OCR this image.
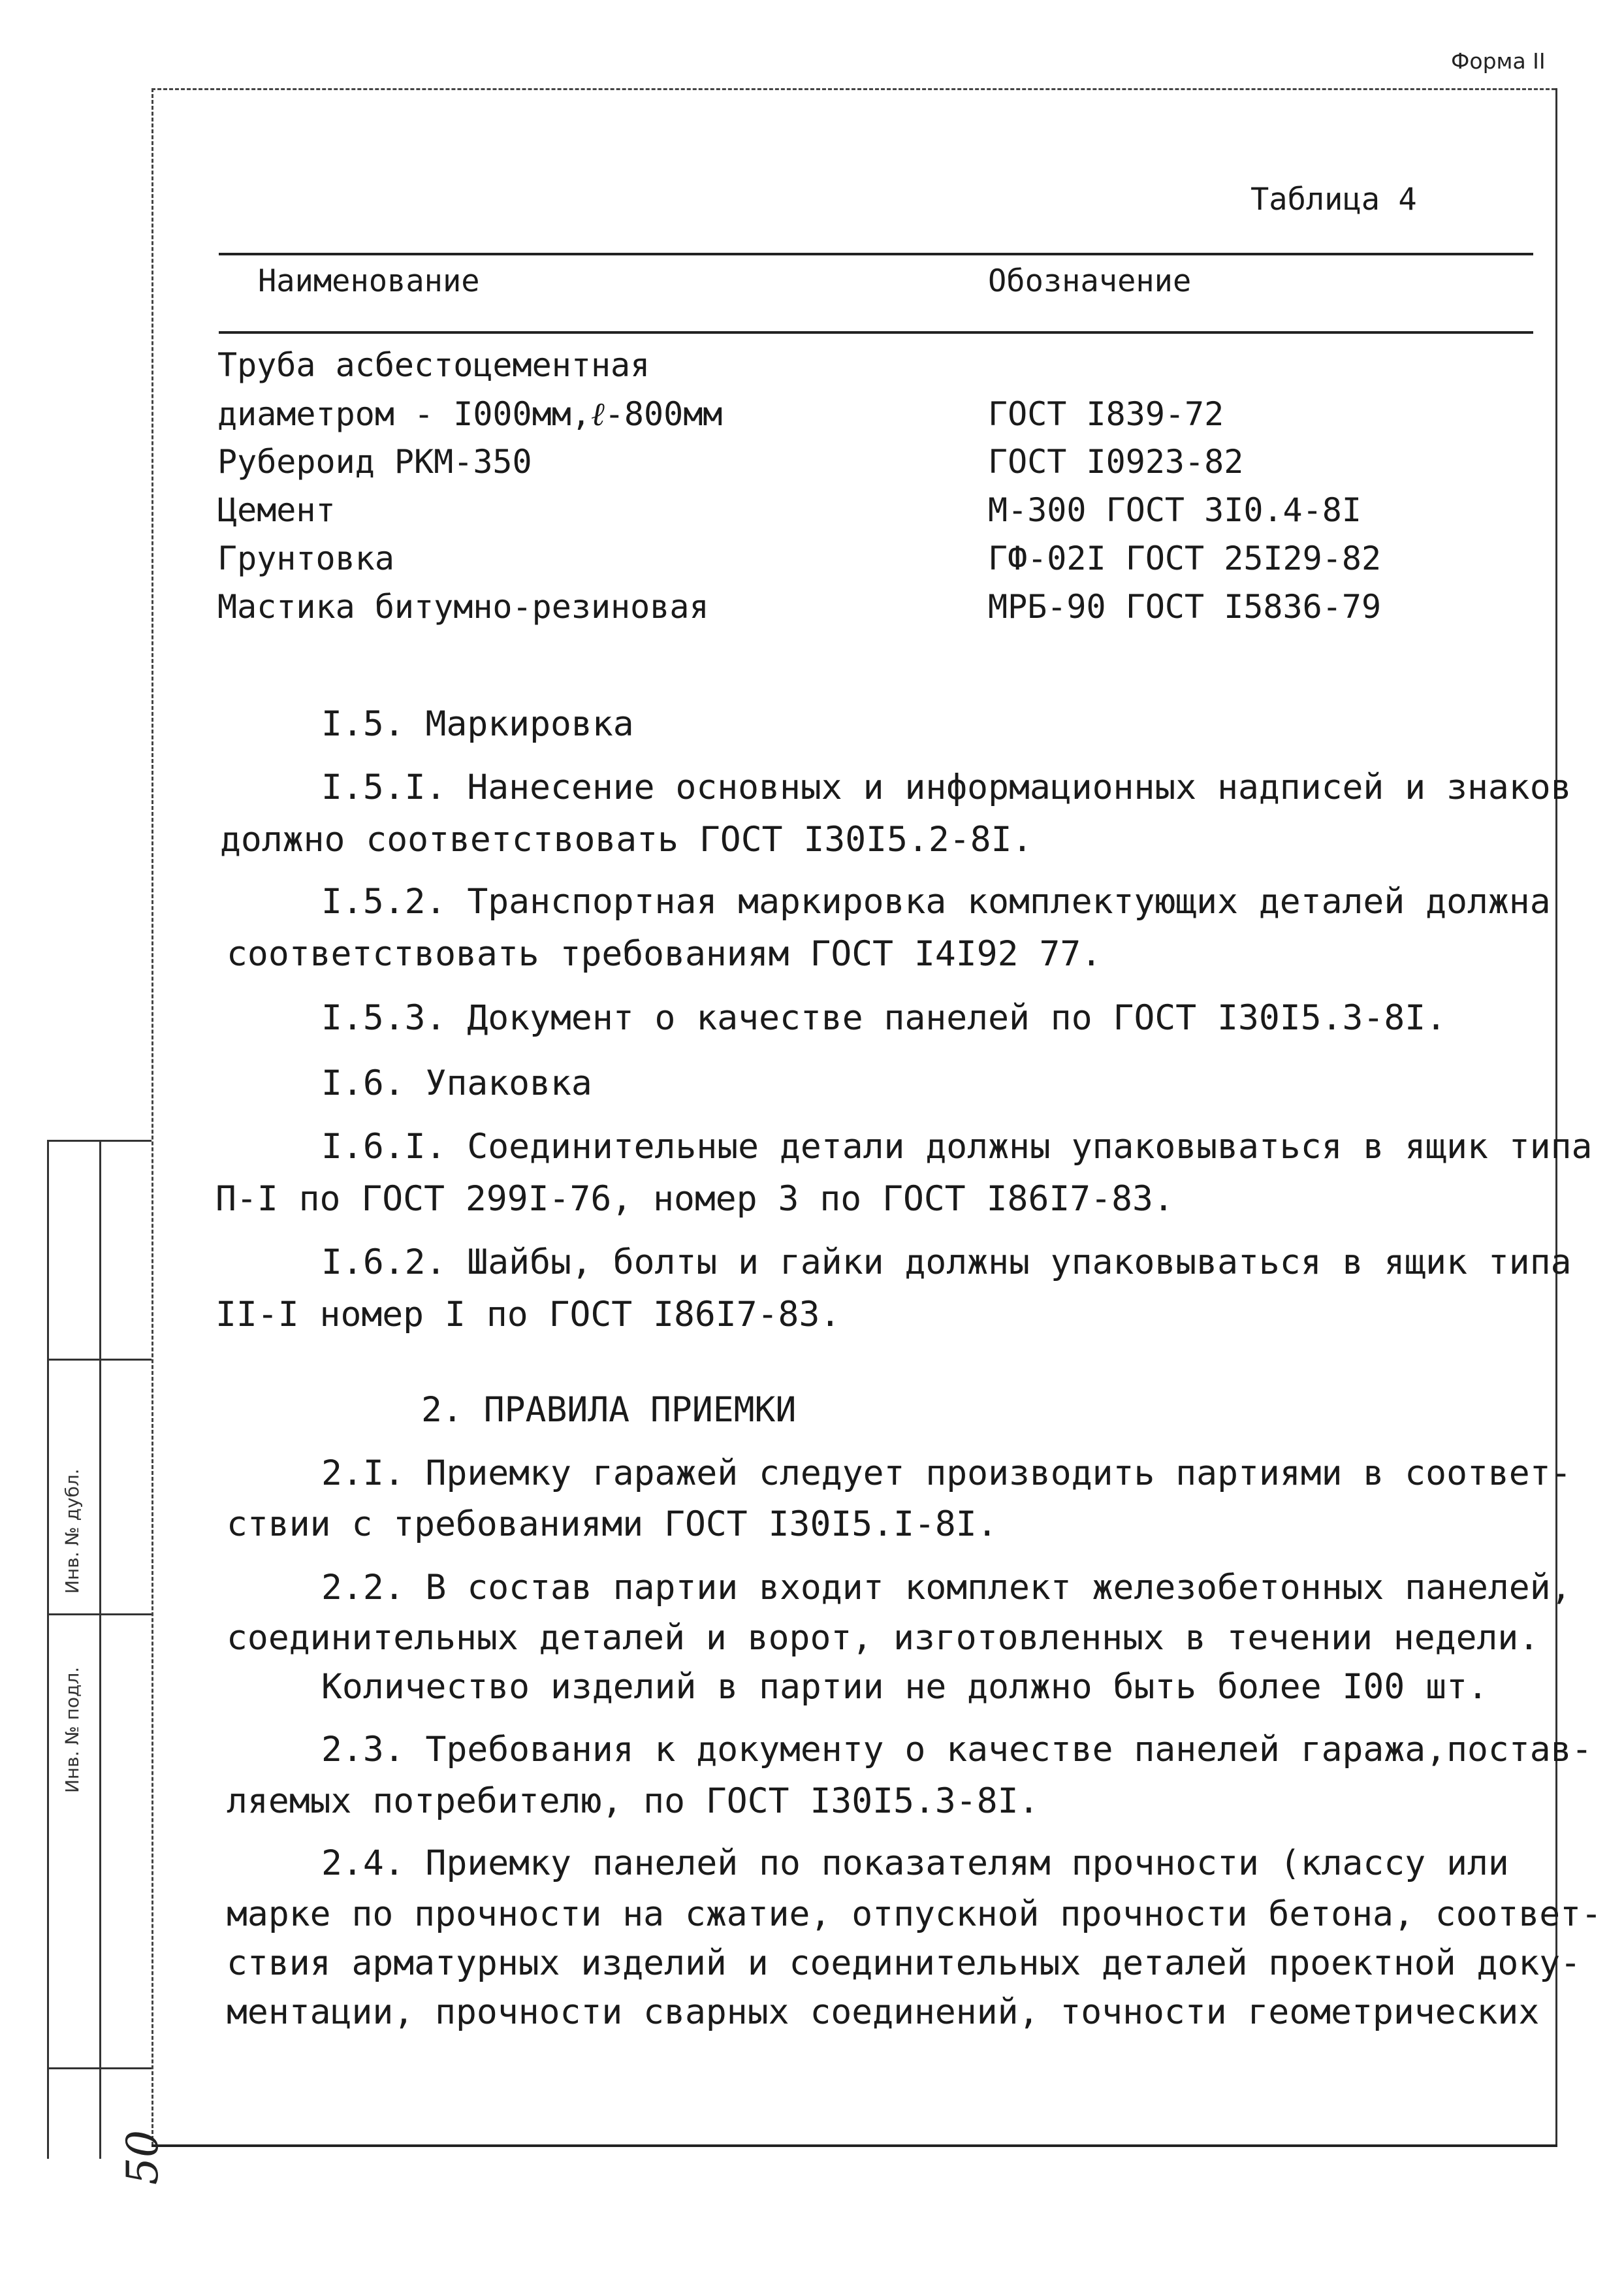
Форма II
Инв. № дубл.
Инв. № подл.
50
Таблица 4
Наименование	Обозначение
Труба асбестоцементная
диаметром - I000мм,ℓ-800мм	ГОСТ I839-72
Рубероид РКМ-350	ГОСТ I0923-82
Цемент	М-300 ГОСТ 3I0.4-8I
Грунтовка	ГФ-02I ГОСТ 25I29-82
Мастика битумно-резиновая	МРБ-90 ГОСТ I5836-79
I.5. Маркировка
I.5.I. Нанесение основных и информационных надписей и знаков
должно соответствовать ГОСТ I30I5.2-8I.
I.5.2. Транспортная маркировка комплектующих деталей должна
соответствовать требованиям ГОСТ I4I92 77.
I.5.3. Документ о качестве панелей по ГОСТ I30I5.3-8I.
I.6. Упаковка
I.6.I. Соединительные детали должны упаковываться в ящик типа
П-I по ГОСТ 299I-76, номер 3 по ГОСТ I86I7-83.
I.6.2. Шайбы, болты и гайки должны упаковываться в ящик типа
II-I номер I по ГОСТ I86I7-83.
2. ПРАВИЛА ПРИЕМКИ
2.I. Приемку гаражей следует производить партиями в соответ-
ствии с требованиями ГОСТ I30I5.I-8I.
2.2. В состав партии входит комплект железобетонных панелей,
соединительных деталей и ворот, изготовленных в течении недели.
Количество изделий в партии не должно быть более I00 шт.
2.3. Требования к документу о качестве панелей гаража,постав-
ляемых потребителю, по ГОСТ I30I5.3-8I.
2.4. Приемку панелей по показателям прочности (классу или
марке по прочности на сжатие, отпускной прочности бетона, соответ-
ствия арматурных изделий и соединительных деталей проектной доку-
ментации, прочности сварных соединений, точности геометрических
